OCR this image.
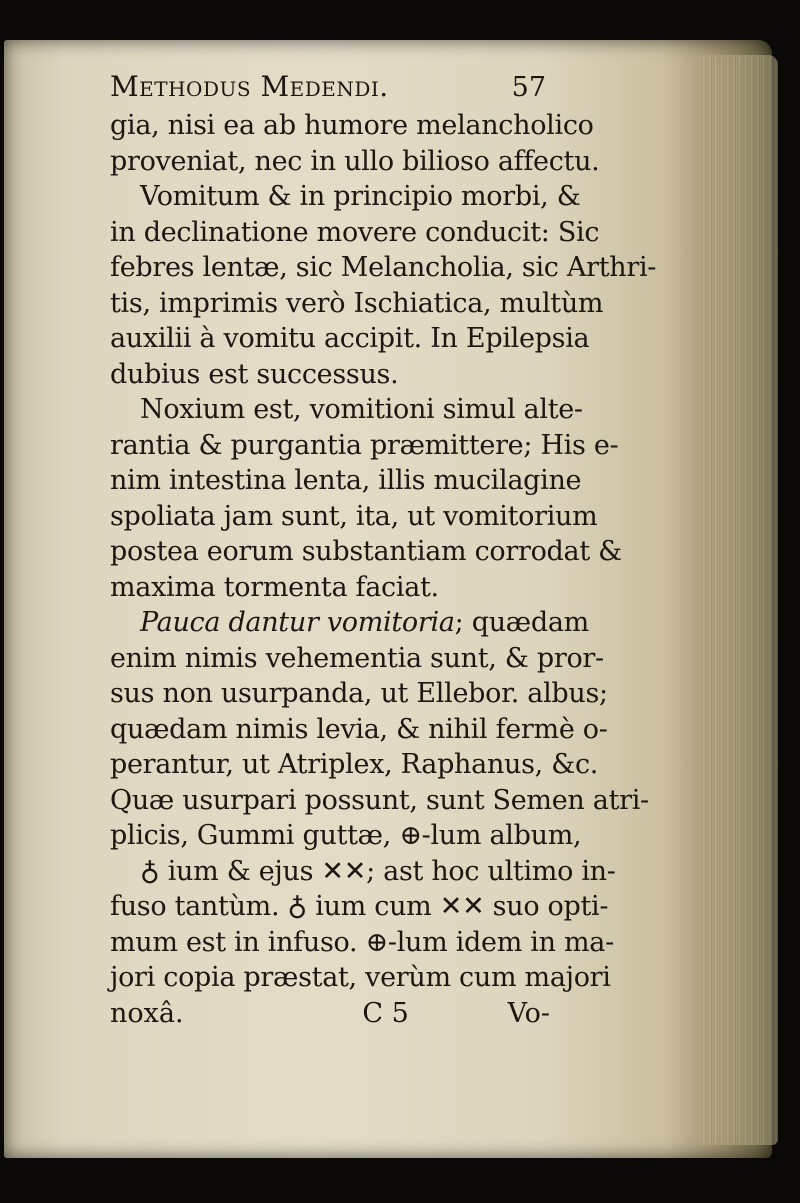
Methodus Medendi.	57
gia, nisi ea ab humore melancholico
proveniat, nec in ullo bilioso affectu.
Vomitum & in principio morbi, &
in declinatione movere conducit: Sic
febres lentæ, sic Melancholia, sic Arthri-
tis, imprimis verò Ischiatica, multùm
auxilii à vomitu accipit. In Epilepsia
dubius est successus.
Noxium est, vomitioni simul alte-
rantia & purgantia præmittere; His e-
nim intestina lenta, illis mucilagine
spoliata jam sunt, ita, ut vomitorium
postea eorum substantiam corrodat &
maxima tormenta faciat.
Pauca dantur vomitoria; quædam
enim nimis vehementia sunt, & pror-
sus non usurpanda, ut Ellebor. albus;
quædam nimis levia, & nihil fermè o-
perantur, ut Atriplex, Raphanus, &c.
Quæ usurpari possunt, sunt Semen atri-
plicis, Gummi guttæ, ⊕-lum album,
♁ ium & ejus ✕✕; ast hoc ultimo in-
fuso tantùm. ♁ ium cum ✕✕ suo opti-
mum est in infuso. ⊕-lum idem in ma-
jori copia præstat, verùm cum majori
noxâ.	C 5	Vo-
